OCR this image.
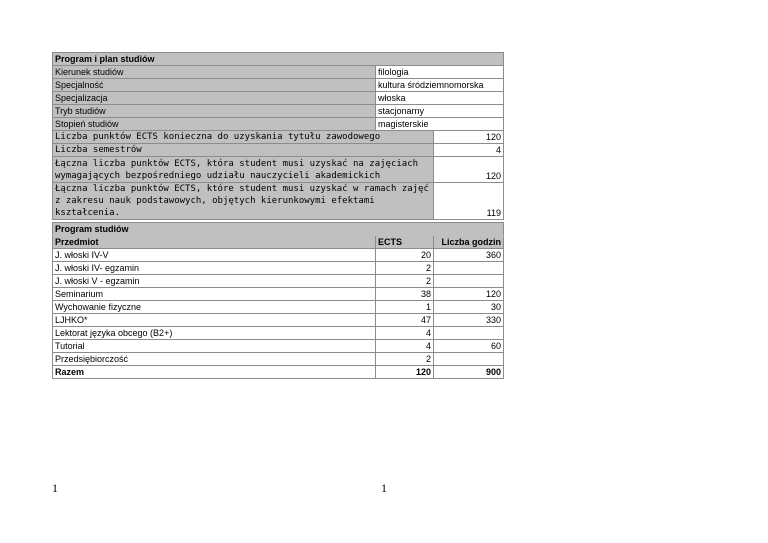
Program i plan studiów		
Kierunek studiów	filologia	
Specjalność	kultura śródziemnomorska	
Specjalizacja	włoska	
Tryb studiów	stacjonarny	
Stopień studiów	magisterskie	
Liczba punktów ECTS konieczna do uzyskania tytułu zawodowego		120
Liczba semestrów		4
Łączna liczba punktów ECTS, która student musi uzyskać na zajęciach wymagających bezpośredniego udziału nauczycieli akademickich		120
Łączna liczba punktów ECTS, które student musi uzyskać w ramach zajęć z zakresu nauk podstawowych, objętych kierunkowymi efektami kształcenia.		119
Program studiów		
Przedmiot	ECTS	Liczba godzin
J. włoski IV-V	20	360
J. włoski IV- egzamin	2	
J. włoski V - egzamin	2	
Seminarium	38	120
Wychowanie fizyczne	1	30
LJHKO*	47	330
Lektorat języka obcego (B2+)	4	
Tutorial	4	60
Przedsiębiorczość	2	
Razem	120	900
1	1
